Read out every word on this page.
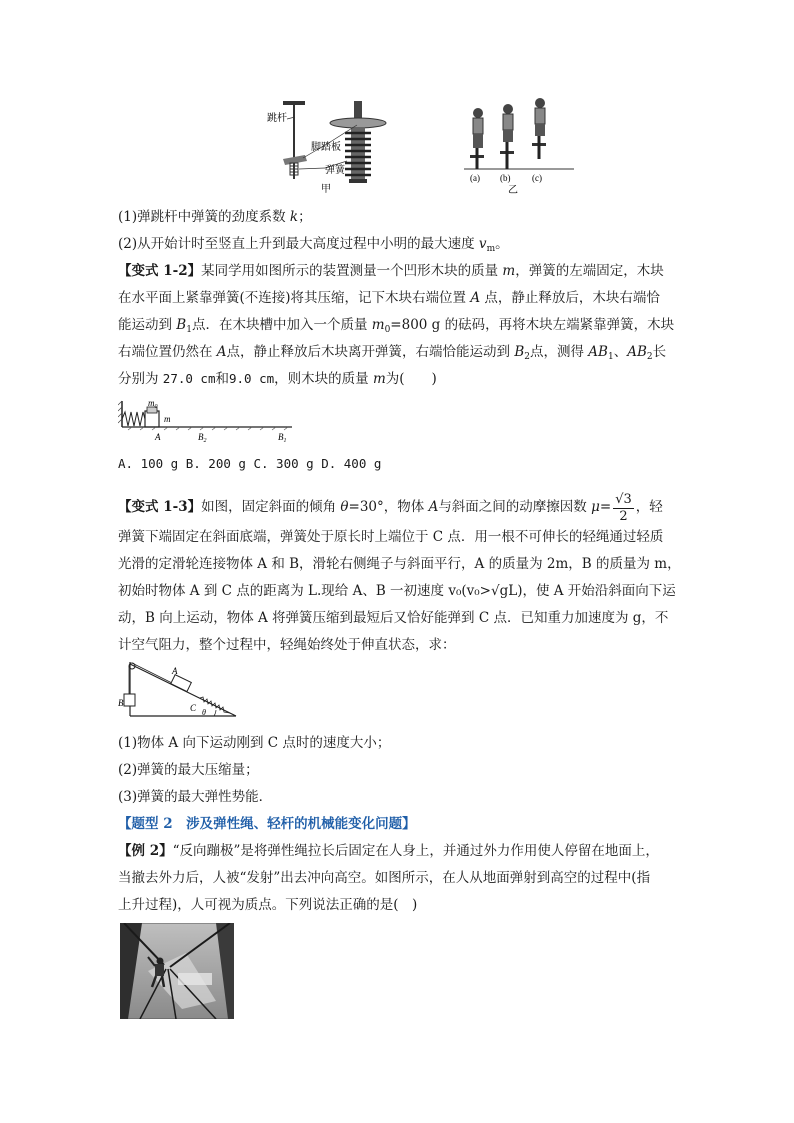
跳杆
脚踏板
弹簧
甲
(a) (b) (c)
乙
(1)弹跳杆中弹簧的劲度系数 k；
(2)从开始计时至竖直上升到最大高度过程中小明的最大速度 $v_m$。
【变式 1-2】某同学用如图所示的装置测量一个凹形木块的质量 m，弹簧的左端固定，木块
在水平面上紧靠弹簧(不连接)将其压缩，记下木块右端位置 A 点，静止释放后，木块右端恰
能运动到 $B_1$点．在木块槽中加入一个质量 $m_0=800$ g 的砝码，再将木块左端紧靠弹簧，木块
右端位置仍然在 A点，静止释放后木块离开弹簧，右端恰能运动到 $B_2$点，测得 $AB_1$、$AB_2$长
分别为 27.0 cm和9.0 cm，则木块的质量 m为(　　)
$m_0$
m
A	$B_2$	$B_1$
A. 100 g B. 200 g C. 300 g D. 400 g
【变式 1-3】如图，固定斜面的倾角 θ=30°，物体 A与斜面之间的动摩擦因数 $\mu= \frac{√3}{2}$ ，轻
弹簧下端固定在斜面底端，弹簧处于原长时上端位于 C 点．用一根不可伸长的轻绳通过轻质
光滑的定滑轮连接物体 A 和 B，滑轮右侧绳子与斜面平行，A 的质量为 2m，B 的质量为 m，
初始时物体 A 到 C 点的距离为 L.现给 A、B 一初速度 v₀(v₀>√gL)，使 A 开始沿斜面向下运
动，B 向上运动，物体 A 将弹簧压缩到最短后又恰好能弹到 C 点．已知重力加速度为 g，不
计空气阻力，整个过程中，轻绳始终处于伸直状态，求：
A
B	C θ
(1)物体 A 向下运动刚到 C 点时的速度大小；
(2)弹簧的最大压缩量；
(3)弹簧的最大弹性势能．
【题型 2　涉及弹性绳、轻杆的机械能变化问题】
【例 2】“反向蹦极”是将弹性绳拉长后固定在人身上，并通过外力作用使人停留在地面上，
当撤去外力后，人被“发射”出去冲向高空。如图所示，在人从地面弹射到高空的过程中(指
上升过程)，人可视为质点。下列说法正确的是(　)
